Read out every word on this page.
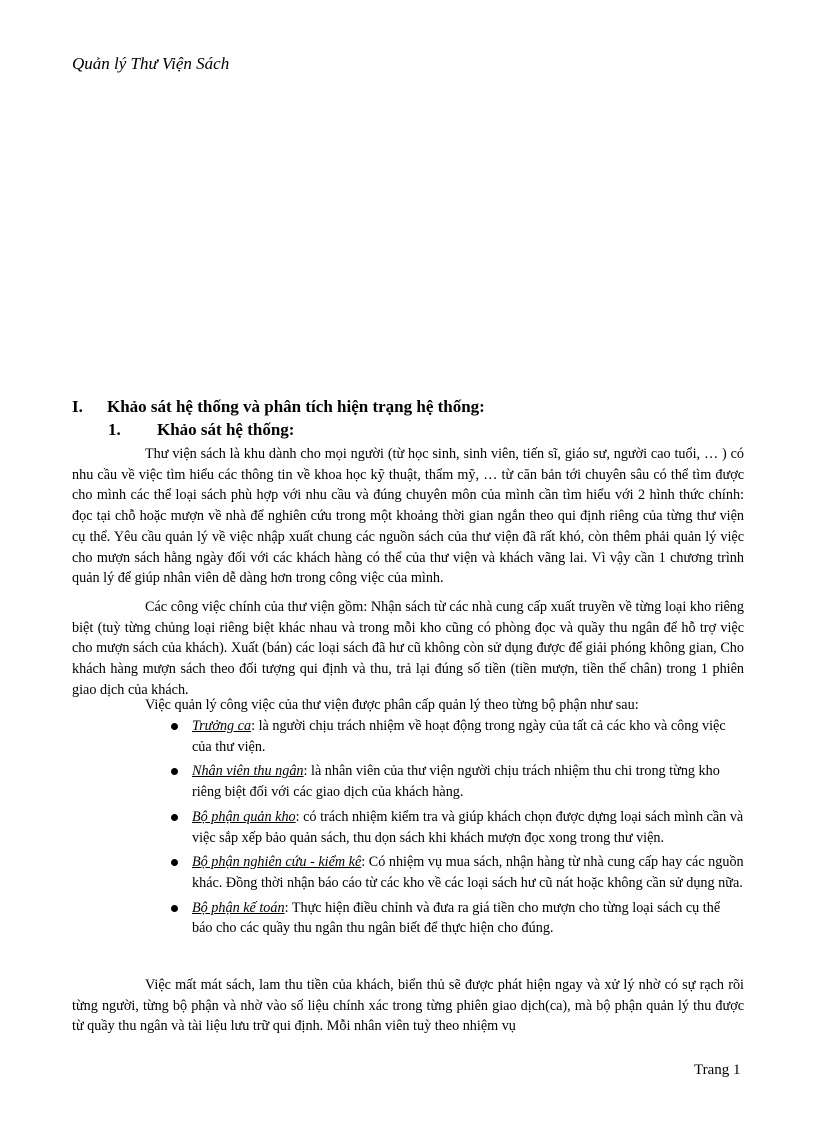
Quản lý Thư Viện Sách
I. Khảo sát hệ thống và phân tích hiện trạng hệ thống:
1. Khảo sát hệ thống:

Thư viện sách là khu dành cho mọi người (từ học sinh, sinh viên, tiến sĩ, giáo sư, người cao tuổi, … ) có nhu cầu về việc tìm hiểu các thông tin về khoa học kỹ thuật, thẩm mỹ, … từ căn bản tới chuyên sâu có thể tìm được cho mình các thể loại sách phù hợp với nhu cầu và đúng chuyên môn của mình cần tìm hiểu với 2 hình thức chính: đọc tại chỗ hoặc mượn về nhà để nghiên cứu trong một khoảng thời gian ngắn theo qui định riêng của từng thư viện cụ thể. Yêu cầu quản lý về việc nhập xuất chung các nguồn sách của thư viện đã rất khó, còn thêm phải quản lý việc cho mượn sách hằng ngày đối với các khách hàng có thể của thư viện và khách vãng lai. Vì vậy cần 1 chương trình quản lý để giúp nhân viên dễ dàng hơn trong công việc của mình.

Các công việc chính của thư viện gồm: Nhận sách từ các nhà cung cấp xuất truyền về từng loại kho riêng biệt (tuỳ từng chủng loại riêng biệt khác nhau và trong mỗi kho cũng có phòng đọc và quầy thu ngân để hỗ trợ việc cho mượn sách của khách). Xuất (bán) các loại sách đã hư cũ không còn sử dụng được để giải phóng không gian, Cho khách hàng mượn sách theo đối tượng qui định và thu, trả lại đúng số tiền (tiền mượn, tiền thế chân) trong 1 phiên giao dịch của khách.

Việc quản lý công việc của thư viện được phân cấp quản lý theo từng bộ phận như sau:

Trưởng ca: là người chịu trách nhiệm về hoạt động trong ngày của tất cả các kho và công việc của thư viện.
Nhân viên thu ngân: là nhân viên của thư viện người chịu trách nhiệm thu chi trong từng kho riêng biệt đối với các giao dịch của khách hàng.
Bộ phận quản kho: có trách nhiệm kiểm tra và giúp khách chọn được dựng loại sách mình cần và việc sắp xếp bảo quản sách, thu dọn sách khi khách mượn đọc xong trong thư viện.
Bộ phận nghiên cứu - kiểm kê: Có nhiệm vụ mua sách, nhận hàng từ nhà cung cấp hay các nguồn khác. Đồng thời nhận báo cáo từ các kho về các loại sách hư cũ nát hoặc không cần sử dụng nữa.
Bộ phận kế toán: Thực hiện điều chỉnh và đưa ra giá tiền cho mượn cho từng loại sách cụ thể báo cho các quầy thu ngân thu ngân biết để thực hiện cho đúng.

Việc mất mát sách, lam thu tiền của khách, biển thủ sẽ được phát hiện ngay và xử lý nhờ có sự rạch rõi từng người, từng bộ phận và nhờ vào số liệu chính xác trong từng phiên giao dịch(ca), mà bộ phận quản lý thu được từ quầy thu ngân và tài liệu lưu trữ qui định. Mỗi nhân viên tuỳ theo nhiệm vụ

Trang 1
